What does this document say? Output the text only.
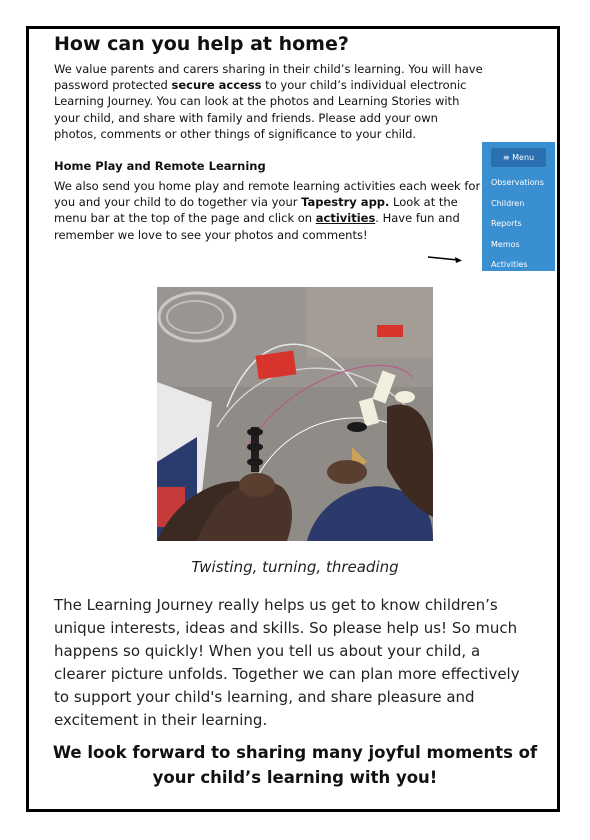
How can you help at home?

We value parents and carers sharing in their child’s learning. You will have password protected secure access to your child’s individual electronic Learning Journey. You can look at the photos and Learning Stories with your child, and share with family and friends. Please add your own photos, comments or other things of significance to your child.

Home Play and Remote Learning

We also send you home play and remote learning activities each week for you and your child to do together via your Tapestry app. Look at the menu bar at the top of the page and click on activities. Have fun and remember we love to see your photos and comments!

≡ Menu
Observations
Children
Reports
Memos
Activities

Twisting, turning, threading

The Learning Journey really helps us get to know children’s unique interests, ideas and skills. So please help us! So much happens so quickly! When you tell us about your child, a clearer picture unfolds. Together we can plan more effectively to support your child's learning, and share pleasure and excitement in their learning.

We look forward to sharing many joyful moments of your child’s learning with you!
